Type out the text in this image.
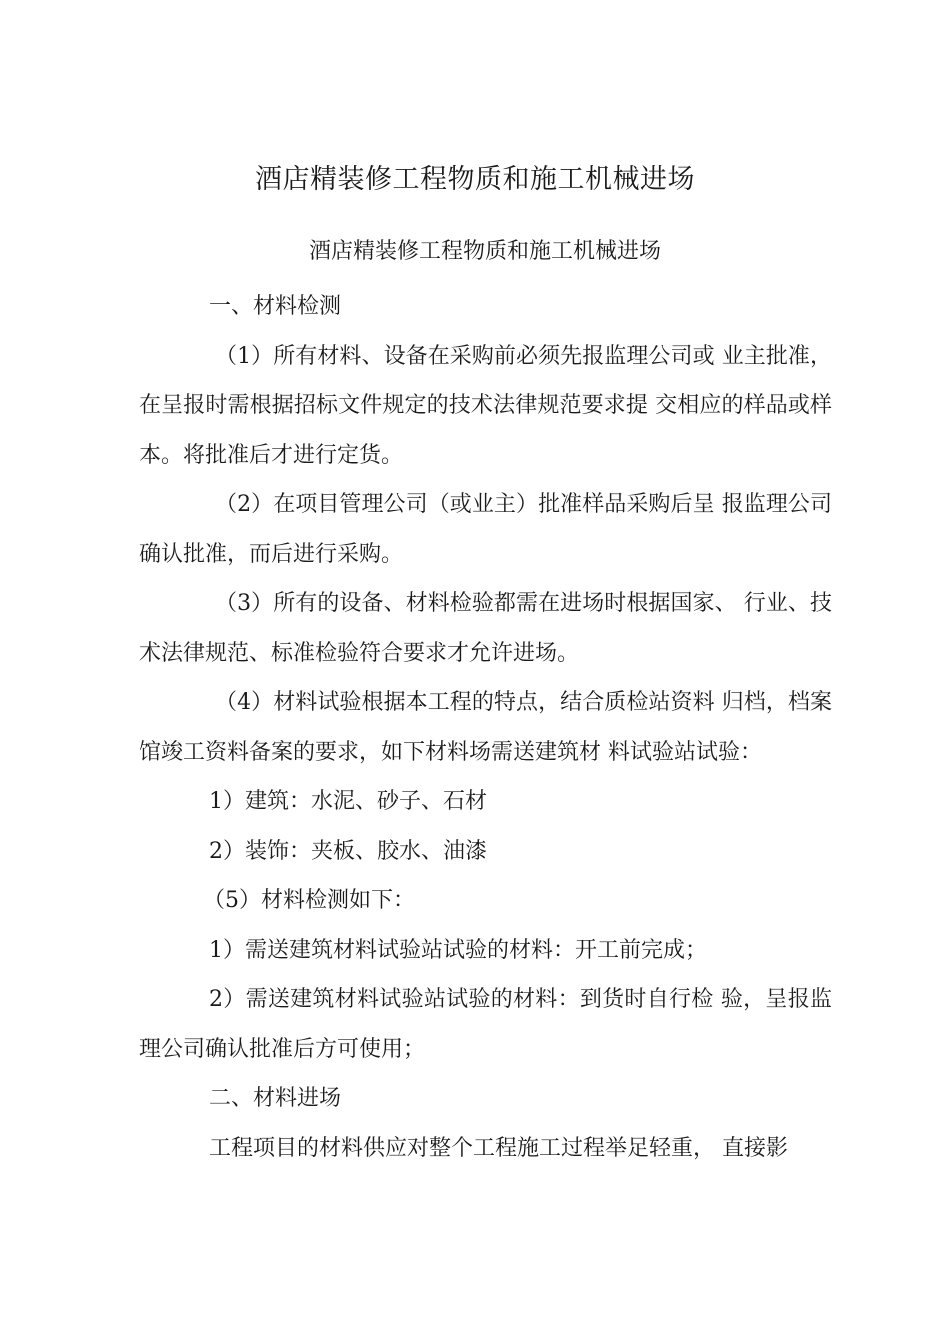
酒店精装修工程物质和施工机械进场
酒店精装修工程物质和施工机械进场

一、材料检测

（1）所有材料、设备在采购前必须先报监理公司或 业主批准，在呈报时需根据招标文件规定的技术法律规范要求提 交相应的样品或样本。将批准后才进行定货。

（2）在项目管理公司（或业主）批准样品采购后呈 报监理公司确认批准，而后进行采购。

（3）所有的设备、材料检验都需在进场时根据国家、 行业、技术法律规范、标准检验符合要求才允许进场。

（4）材料试验根据本工程的特点，结合质检站资料 归档，档案馆竣工资料备案的要求，如下材料场需送建筑材 料试验站试验：

1）建筑：水泥、砂子、石材

2）装饰：夹板、胶水、油漆

（5）材料检测如下：

1）需送建筑材料试验站试验的材料：开工前完成；

2）需送建筑材料试验站试验的材料：到货时自行检 验，呈报监理公司确认批准后方可使用；

二、材料进场

工程项目的材料供应对整个工程施工过程举足轻重， 直接影
